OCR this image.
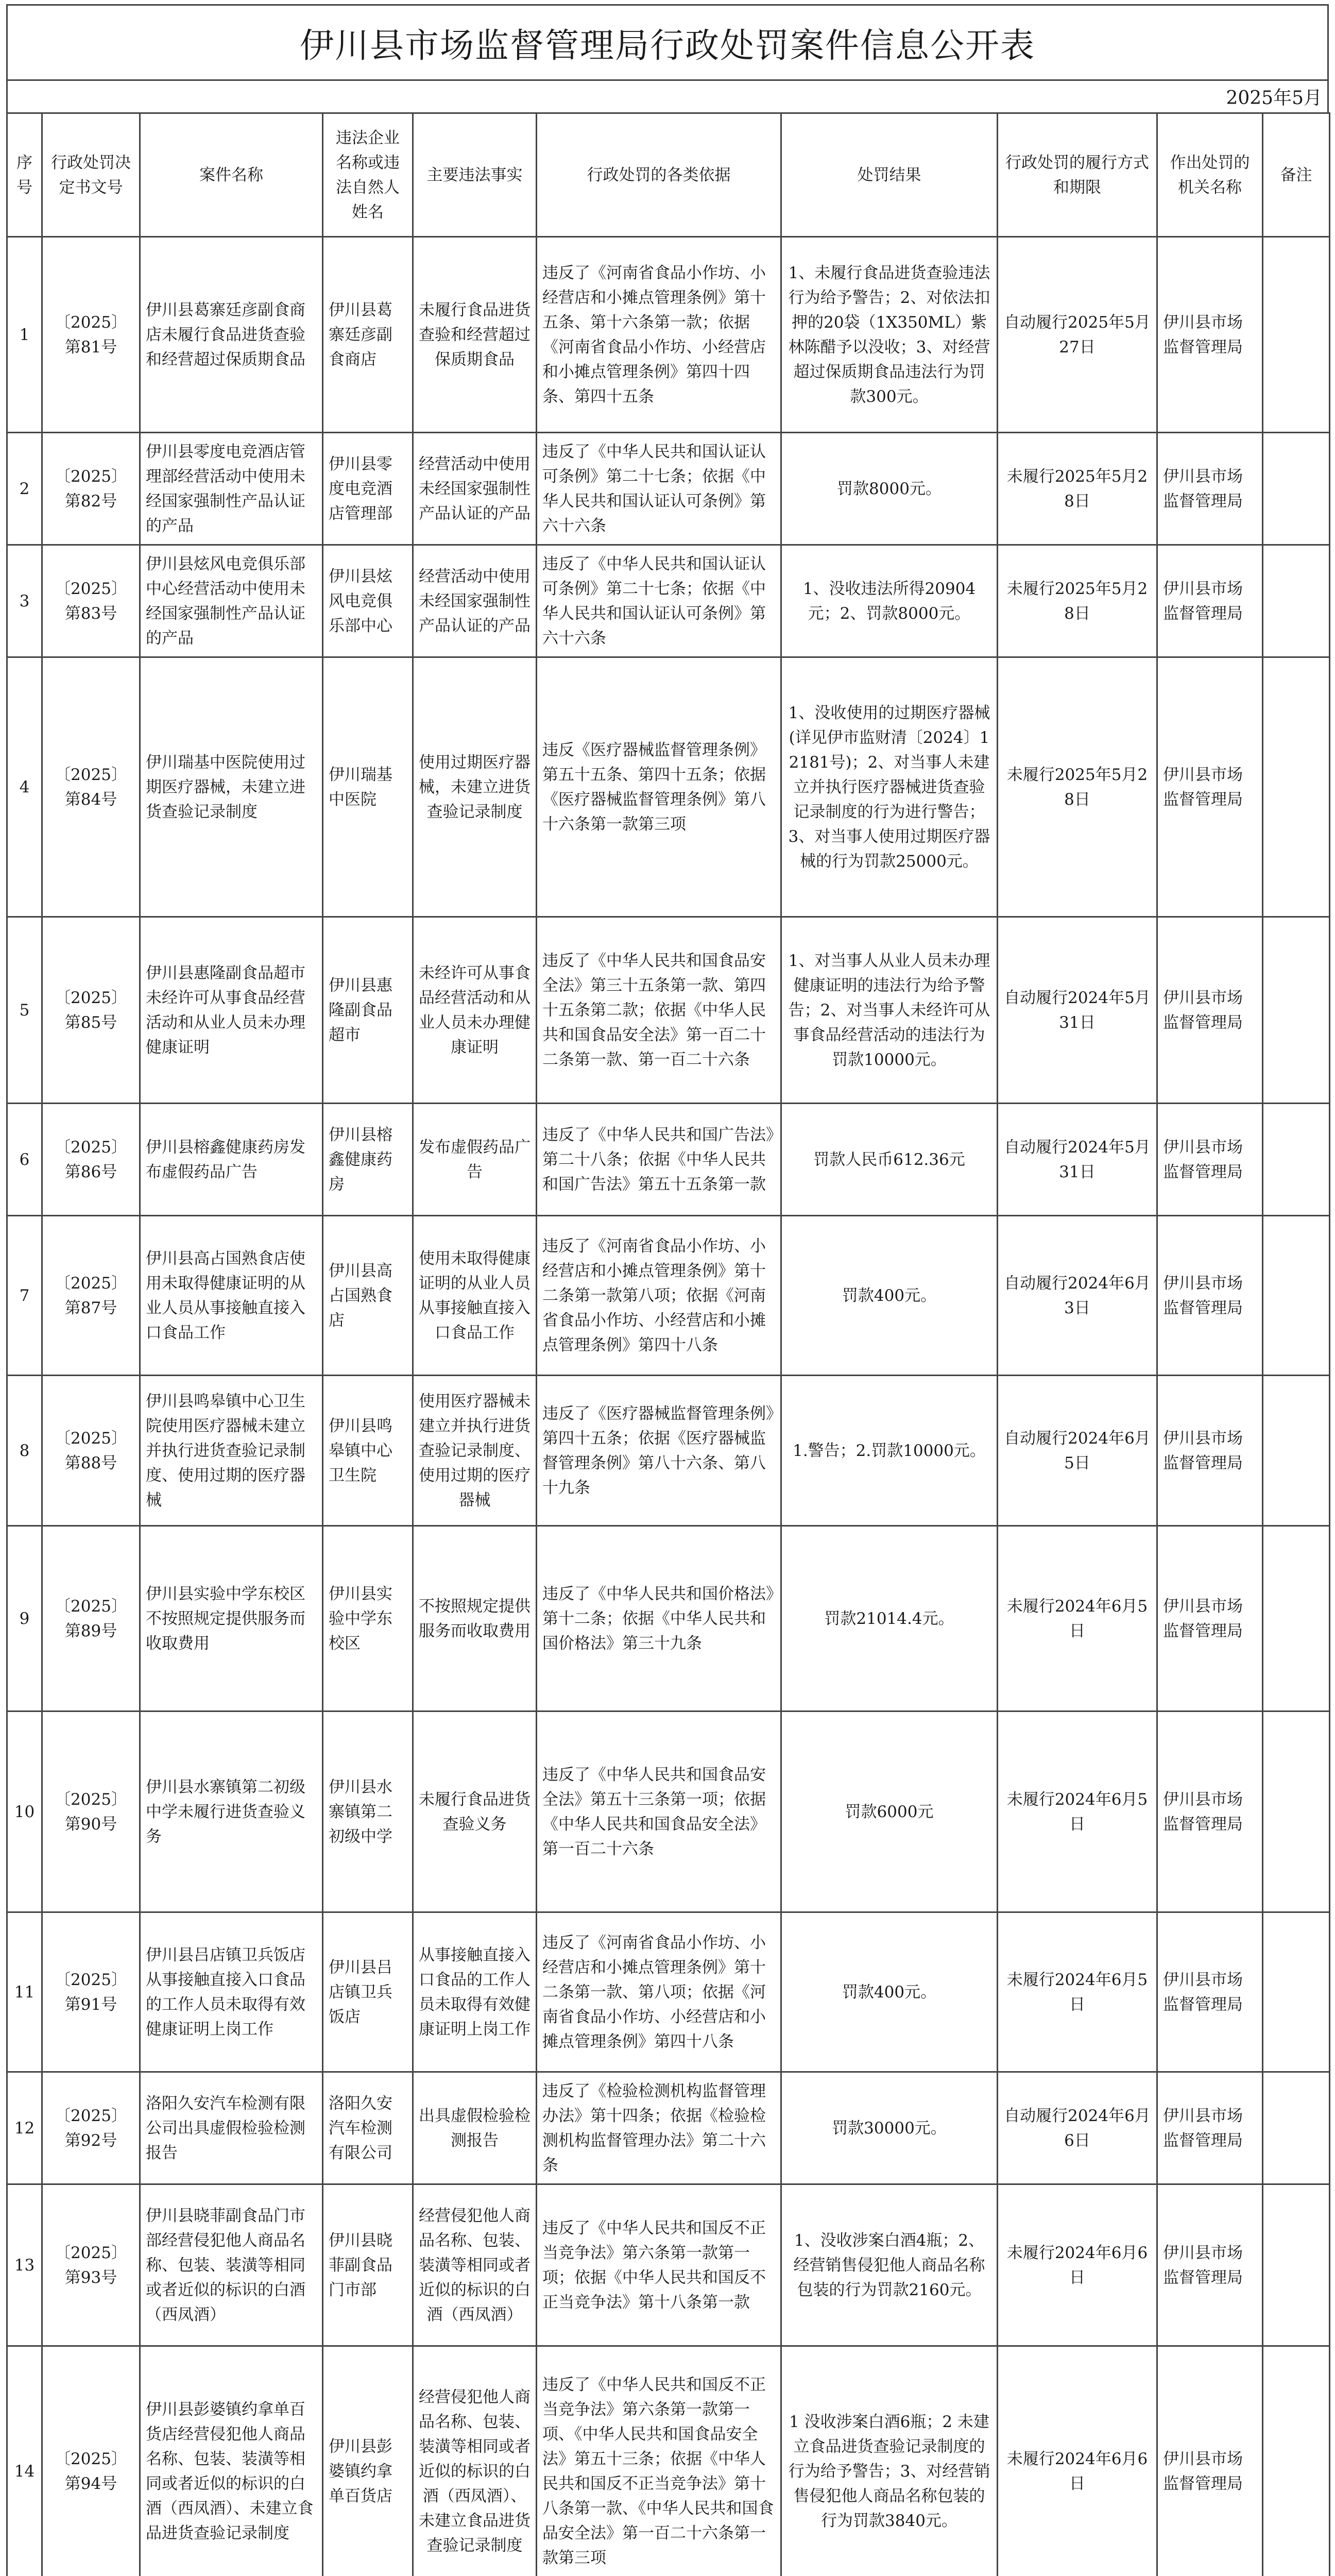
伊川县市场监督管理局行政处罚案件信息公开表
2025年5月
序号	行政处罚决定书文号	案件名称	违法企业名称或违法自然人姓名	主要违法事实	行政处罚的各类依据	处罚结果	行政处罚的履行方式和期限	作出处罚的机关名称	备注
1	〔2025〕第81号	伊川县葛寨廷彦副食商店未履行食品进货查验和经营超过保质期食品	伊川县葛寨廷彦副食商店	未履行食品进货查验和经营超过保质期食品	违反了《河南省食品小作坊、小经营店和小摊点管理条例》第十五条、第十六条第一款；依据《河南省食品小作坊、小经营店和小摊点管理条例》第四十四条、第四十五条	1、未履行食品进货查验违法行为给予警告；2、对依法扣押的20袋（1X350ML）紫林陈醋予以没收；3、对经营超过保质期食品违法行为罚款300元。	自动履行2025年5月27日	伊川县市场监督管理局	
2	〔2025〕第82号	伊川县零度电竞酒店管理部经营活动中使用未经国家强制性产品认证的产品	伊川县零度电竞酒店管理部	经营活动中使用未经国家强制性产品认证的产品	违反了《中华人民共和国认证认可条例》第二十七条；依据《中华人民共和国认证认可条例》第六十六条	罚款8000元。	未履行2025年5月28日	伊川县市场监督管理局	
3	〔2025〕第83号	伊川县炫风电竞俱乐部中心经营活动中使用未经国家强制性产品认证的产品	伊川县炫风电竞俱乐部中心	经营活动中使用未经国家强制性产品认证的产品	违反了《中华人民共和国认证认可条例》第二十七条；依据《中华人民共和国认证认可条例》第六十六条	1、没收违法所得20904元；2、罚款8000元。	未履行2025年5月28日	伊川县市场监督管理局	
4	〔2025〕第84号	伊川瑞基中医院使用过期医疗器械，未建立进货查验记录制度	伊川瑞基中医院	使用过期医疗器械，未建立进货查验记录制度	违反《医疗器械监督管理条例》第五十五条、第四十五条；依据《医疗器械监督管理条例》第八十六条第一款第三项	1、没收使用的过期医疗器械(详见伊市监财清〔2024〕12181号)；2、对当事人未建立并执行医疗器械进货查验记录制度的行为进行警告；3、对当事人使用过期医疗器械的行为罚款25000元。	未履行2025年5月28日	伊川县市场监督管理局	
5	〔2025〕第85号	伊川县惠隆副食品超市未经许可从事食品经营活动和从业人员未办理健康证明	伊川县惠隆副食品超市	未经许可从事食品经营活动和从业人员未办理健康证明	违反了《中华人民共和国食品安全法》第三十五条第一款、第四十五条第二款；依据《中华人民共和国食品安全法》第一百二十二条第一款、第一百二十六条	1、对当事人从业人员未办理健康证明的违法行为给予警告；2、对当事人未经许可从事食品经营活动的违法行为罚款10000元。	自动履行2024年5月31日	伊川县市场监督管理局	
6	〔2025〕第86号	伊川县榕鑫健康药房发布虚假药品广告	伊川县榕鑫健康药房	发布虚假药品广告	违反了《中华人民共和国广告法》第二十八条；依据《中华人民共和国广告法》第五十五条第一款	罚款人民币612.36元	自动履行2024年5月31日	伊川县市场监督管理局	
7	〔2025〕第87号	伊川县高占国熟食店使用未取得健康证明的从业人员从事接触直接入口食品工作	伊川县高占国熟食店	使用未取得健康证明的从业人员从事接触直接入口食品工作	违反了《河南省食品小作坊、小经营店和小摊点管理条例》第十二条第一款第八项；依据《河南省食品小作坊、小经营店和小摊点管理条例》第四十八条	罚款400元。	自动履行2024年6月3日	伊川县市场监督管理局	
8	〔2025〕第88号	伊川县鸣皋镇中心卫生院使用医疗器械未建立并执行进货查验记录制度、使用过期的医疗器械	伊川县鸣皋镇中心卫生院	使用医疗器械未建立并执行进货查验记录制度、使用过期的医疗器械	违反了《医疗器械监督管理条例》第四十五条；依据《医疗器械监督管理条例》第八十六条、第八十九条	1.警告；2.罚款10000元。	自动履行2024年6月5日	伊川县市场监督管理局	
9	〔2025〕第89号	伊川县实验中学东校区不按照规定提供服务而收取费用	伊川县实验中学东校区	不按照规定提供服务而收取费用	违反了《中华人民共和国价格法》第十二条；依据《中华人民共和国价格法》第三十九条	罚款21014.4元。	未履行2024年6月5日	伊川县市场监督管理局	
10	〔2025〕第90号	伊川县水寨镇第二初级中学未履行进货查验义务	伊川县水寨镇第二初级中学	未履行食品进货查验义务	违反了《中华人民共和国食品安全法》第五十三条第一项；依据《中华人民共和国食品安全法》第一百二十六条	罚款6000元	未履行2024年6月5日	伊川县市场监督管理局	
11	〔2025〕第91号	伊川县吕店镇卫兵饭店从事接触直接入口食品的工作人员未取得有效健康证明上岗工作	伊川县吕店镇卫兵饭店	从事接触直接入口食品的工作人员未取得有效健康证明上岗工作	违反了《河南省食品小作坊、小经营店和小摊点管理条例》第十二条第一款、第八项；依据《河南省食品小作坊、小经营店和小摊点管理条例》第四十八条	罚款400元。	未履行2024年6月5日	伊川县市场监督管理局	
12	〔2025〕第92号	洛阳久安汽车检测有限公司出具虚假检验检测报告	洛阳久安汽车检测有限公司	出具虚假检验检测报告	违反了《检验检测机构监督管理办法》第十四条；依据《检验检测机构监督管理办法》第二十六条	罚款30000元。	自动履行2024年6月6日	伊川县市场监督管理局	
13	〔2025〕第93号	伊川县晓菲副食品门市部经营侵犯他人商品名称、包装、装潢等相同或者近似的标识的白酒（西凤酒）	伊川县晓菲副食品门市部	经营侵犯他人商品名称、包装、装潢等相同或者近似的标识的白酒（西凤酒）	违反了《中华人民共和国反不正当竞争法》第六条第一款第一项；依据《中华人民共和国反不正当竞争法》第十八条第一款	1、没收涉案白酒4瓶；2、经营销售侵犯他人商品名称包装的行为罚款2160元。	未履行2024年6月6日	伊川县市场监督管理局	
14	〔2025〕第94号	伊川县彭婆镇约拿单百货店经营侵犯他人商品名称、包装、装潢等相同或者近似的标识的白酒（西凤酒）、未建立食品进货查验记录制度	伊川县彭婆镇约拿单百货店	经营侵犯他人商品名称、包装、装潢等相同或者近似的标识的白酒（西凤酒）、未建立食品进货查验记录制度	违反了《中华人民共和国反不正当竞争法》第六条第一款第一项、《中华人民共和国食品安全法》第五十三条；依据《中华人民共和国反不正当竞争法》第十八条第一款、《中华人民共和国食品安全法》第一百二十六条第一款第三项	1 没收涉案白酒6瓶；2 未建立食品进货查验记录制度的行为给予警告；3、对经营销售侵犯他人商品名称包装的行为罚款3840元。	未履行2024年6月6日	伊川县市场监督管理局	
